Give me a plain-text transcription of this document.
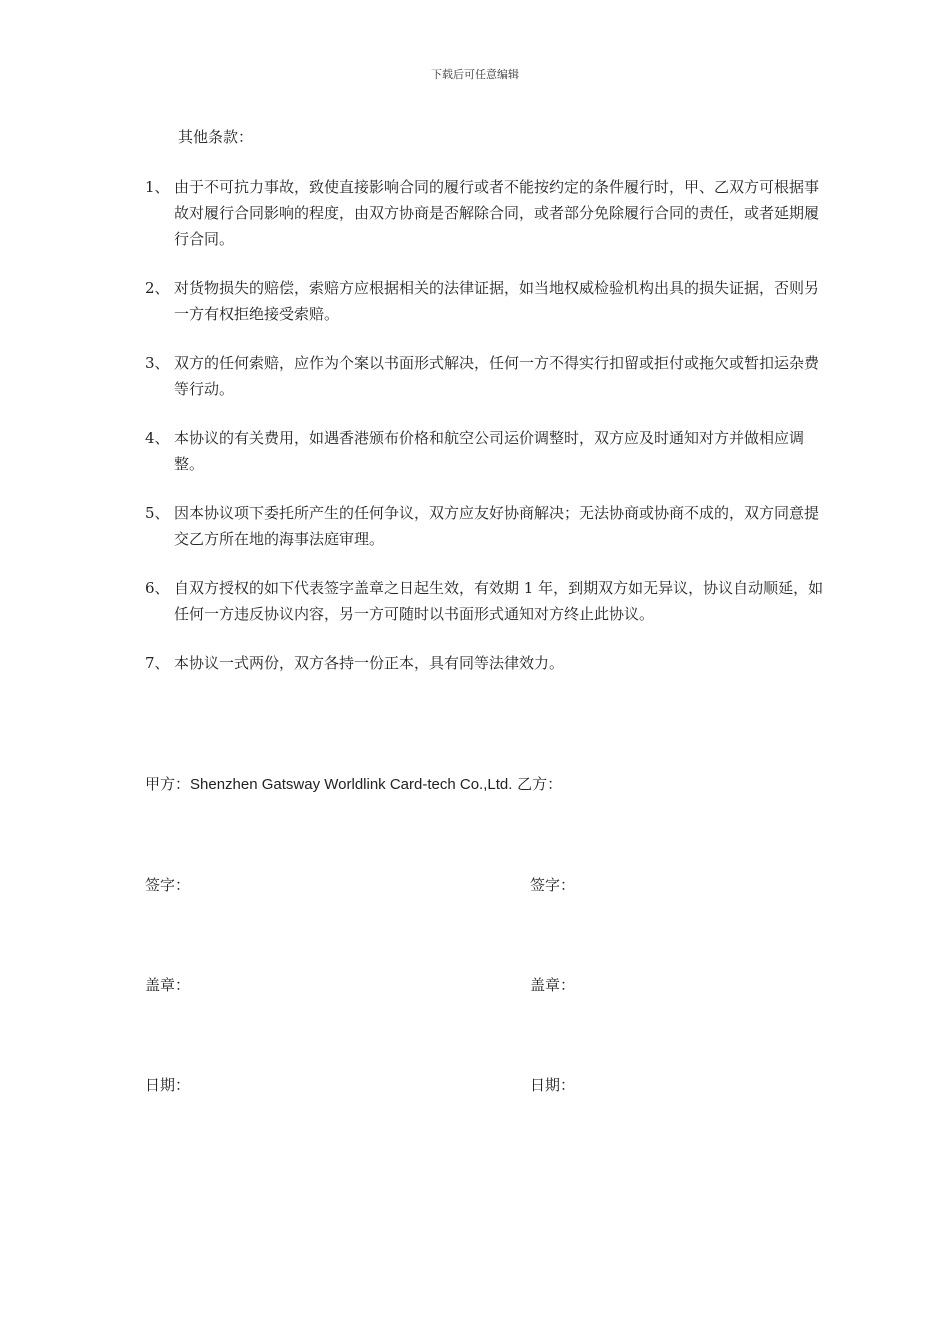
下载后可任意编辑
其他条款：
1、 由于不可抗力事故，致使直接影响合同的履行或者不能按约定的条件履行时，甲、乙双方可根据事故对履行合同影响的程度，由双方协商是否解除合同，或者部分免除履行合同的责任，或者延期履行合同。
2、 对货物损失的赔偿，索赔方应根据相关的法律证据，如当地权威检验机构出具的损失证据，否则另一方有权拒绝接受索赔。
3、 双方的任何索赔，应作为个案以书面形式解决，任何一方不得实行扣留或拒付或拖欠或暂扣运杂费等行动。
4、 本协议的有关费用，如遇香港颁布价格和航空公司运价调整时，双方应及时通知对方并做相应调整。
5、 因本协议项下委托所产生的任何争议，双方应友好协商解决；无法协商或协商不成的，双方同意提交乙方所在地的海事法庭审理。
6、 自双方授权的如下代表签字盖章之日起生效，有效期 1 年，到期双方如无异议，协议自动顺延，如任何一方违反协议内容，另一方可随时以书面形式通知对方终止此协议。
7、 本协议一式两份，双方各持一份正本，具有同等法律效力。
甲方：Shenzhen Gatsway Worldlink Card-tech Co.,Ltd. 乙方：
签字：	签字：
盖章：	盖章：
日期：	日期：
